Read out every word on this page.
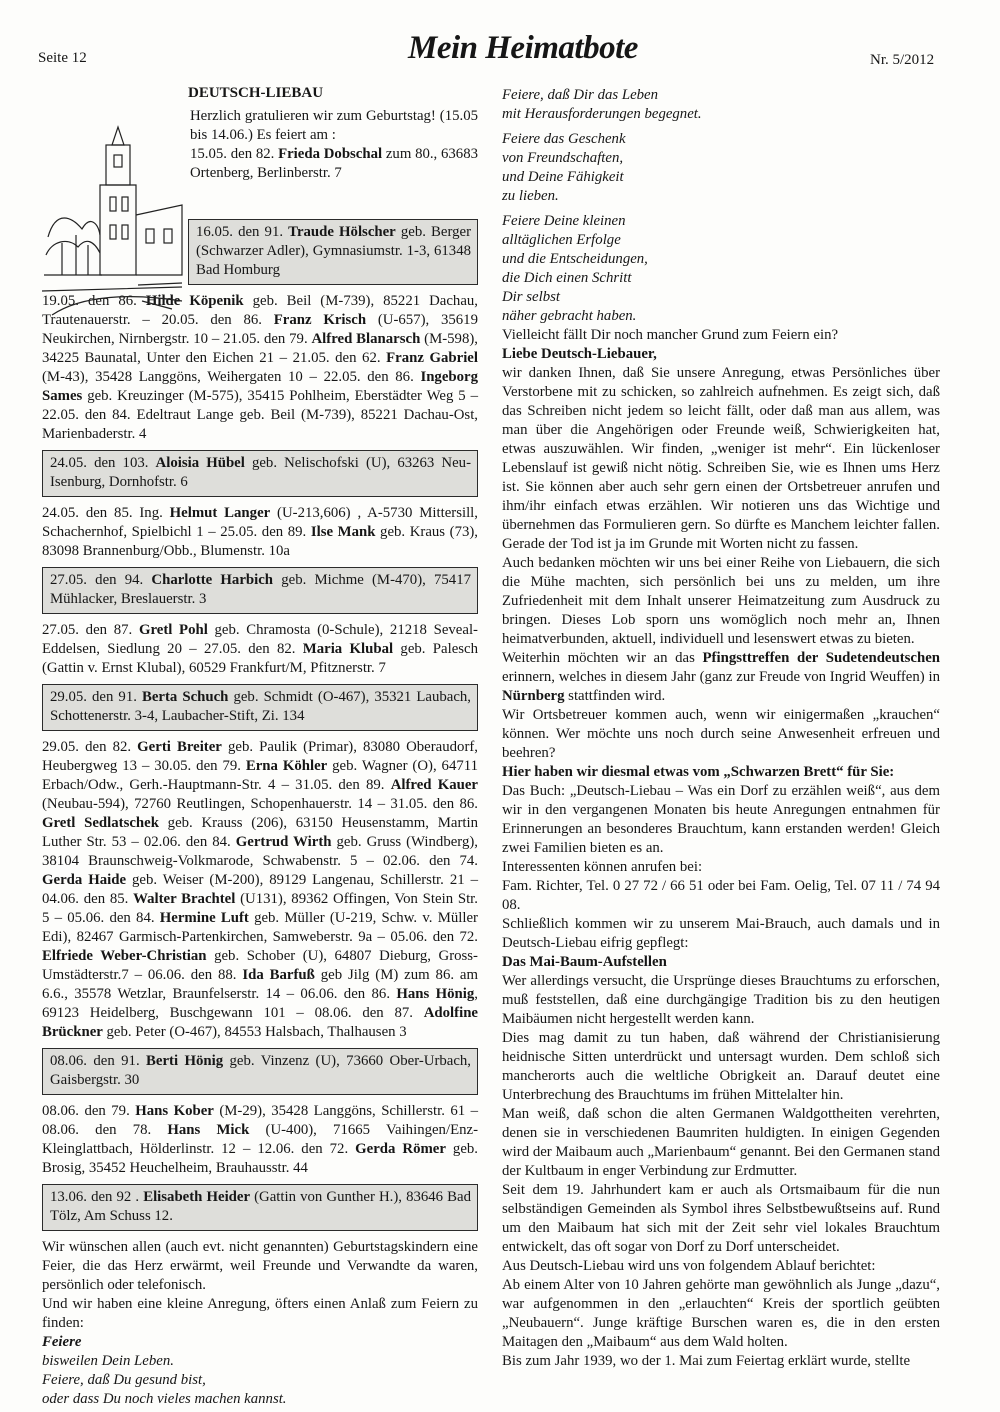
Seite 12	Mein Heimatbote	Nr. 5/2012
DEUTSCH-LIEBAU
Herzlich gratulieren wir zum Geburtstag! (15.05 bis 14.06.) Es feiert am :
15.05. den 82. Frieda Dobschal zum 80., 63683 Ortenberg, Berlinberstr. 7
16.05. den 91. Traude Hölscher geb. Berger (Schwarzer Adler), Gymnasiumstr. 1-3, 61348 Bad Homburg

19.05. den 86. Hilde Köpenik geb. Beil (M-739), 85221 Dachau, Trautenauerstr. – 20.05. den 86. Franz Krisch (U-657), 35619 Neukirchen, Nirnbergstr. 10 – 21.05. den 79. Alfred Blanarsch (M-598), 34225 Baunatal, Unter den Eichen 21 – 21.05. den 62. Franz Gabriel (M-43), 35428 Langgöns, Weihergaten 10 – 22.05. den 86. Ingeborg Sames geb. Kreuzinger (M-575), 35415 Pohlheim, Eberstädter Weg 5 – 22.05. den 84. Edeltraut Lange geb. Beil (M-739), 85221 Dachau-Ost, Marienbaderstr. 4

24.05. den 103. Aloisia Hübel geb. Nelischofski (U), 63263 Neu-Isenburg, Dornhofstr. 6

24.05. den 85. Ing. Helmut Langer (U-213,606) , A-5730 Mittersill, Schachernhof, Spielbichl 1 – 25.05. den 89. Ilse Mank geb. Kraus (73), 83098 Brannenburg/Obb., Blumenstr. 10a

27.05. den 94. Charlotte Harbich geb. Michme (M-470), 75417 Mühlacker, Breslauerstr. 3

27.05. den 87. Gretl Pohl geb. Chramosta (0-Schule), 21218 Seveal-Eddelsen, Siedlung 20 – 27.05. den 82. Maria Klubal geb. Palesch (Gattin v. Ernst Klubal), 60529 Frankfurt/M, Pfitznerstr. 7

29.05. den 91. Berta Schuch geb. Schmidt (O-467), 35321 Laubach, Schottenerstr. 3-4, Laubacher-Stift, Zi. 134

29.05. den 82. Gerti Breiter geb. Paulik (Primar), 83080 Oberaudorf, Heubergweg 13 – 30.05. den 79. Erna Köhler geb. Wagner (O), 64711 Erbach/Odw., Gerh.-Hauptmann-Str. 4 – 31.05. den 89. Alfred Kauer (Neubau-594), 72760 Reutlingen, Schopenhauerstr. 14 – 31.05. den 86. Gretl Sedlatschek geb. Krauss (206), 63150 Heusenstamm, Martin Luther Str. 53 – 02.06. den 84. Gertrud Wirth geb. Gruss (Windberg), 38104 Braunschweig-Volkmarode, Schwabenstr. 5 – 02.06. den 74. Gerda Haide geb. Weiser (M-200), 89129 Langenau, Schillerstr. 21 – 04.06. den 85. Walter Brachtel (U131), 89362 Offingen, Von Stein Str. 5 – 05.06. den 84. Hermine Luft geb. Müller (U-219, Schw. v. Müller Edi), 82467 Garmisch-Partenkirchen, Samweberstr. 9a – 05.06. den 72. Elfriede Weber-Christian geb. Schober (U), 64807 Dieburg, Gross-Umstädterstr.7 – 06.06. den 88. Ida Barfuß geb Jilg (M) zum 86. am 6.6., 35578 Wetzlar, Braunfelserstr. 14 – 06.06. den 86. Hans Hönig, 69123 Heidelberg, Buschgewann 101 – 08.06. den 87. Adolfine Brückner geb. Peter (O-467), 84553 Halsbach, Thalhausen 3

08.06. den 91. Berti Hönig geb. Vinzenz (U), 73660 Ober-Urbach, Gaisbergstr. 30

08.06. den 79. Hans Kober (M-29), 35428 Langgöns, Schillerstr. 61 – 08.06. den 78. Hans Mick (U-400), 71665 Vaihingen/Enz-Kleinglattbach, Hölderlinstr. 12 – 12.06. den 72. Gerda Römer geb. Brosig, 35452 Heuchelheim, Brauhausstr. 44

13.06. den 92 . Elisabeth Heider (Gattin von Gunther H.), 83646 Bad Tölz, Am Schuss 12.

Wir wünschen allen (auch evt. nicht genannten) Geburtstagskindern eine Feier, die das Herz erwärmt, weil Freunde und Verwandte da waren, persönlich oder telefonisch.

Und wir haben eine kleine Anregung, öfters einen Anlaß zum Feiern zu finden:

Feiere

bisweilen Dein Leben.

Feiere, daß Du gesund bist,

oder dass Du noch vieles machen kannst.

Feiere, daß Dir das Leben

mit Herausforderungen begegnet.

Feiere das Geschenk

von Freundschaften,

und Deine Fähigkeit

zu lieben.

Feiere Deine kleinen

alltäglichen Erfolge

und die Entscheidungen,

die Dich einen Schritt

Dir selbst

näher gebracht haben.

Vielleicht fällt Dir noch mancher Grund zum Feiern ein?

Liebe Deutsch-Liebauer,

wir danken Ihnen, daß Sie unsere Anregung, etwas Persönliches über Verstorbene mit zu schicken, so zahlreich aufnehmen. Es zeigt sich, daß das Schreiben nicht jedem so leicht fällt, oder daß man aus allem, was man über die Angehörigen oder Freunde weiß, Schwierigkeiten hat, etwas auszuwählen. Wir finden, „weniger ist mehr“. Ein lückenloser Lebenslauf ist gewiß nicht nötig. Schreiben Sie, wie es Ihnen ums Herz ist. Sie können aber auch sehr gern einen der Ortsbetreuer anrufen und ihm/ihr einfach etwas erzählen. Wir notieren uns das Wichtige und übernehmen das Formulieren gern. So dürfte es Manchem leichter fallen. Gerade der Tod ist ja im Grunde mit Worten nicht zu fassen.

Auch bedanken möchten wir uns bei einer Reihe von Liebauern, die sich die Mühe machten, sich persönlich bei uns zu melden, um ihre Zufriedenheit mit dem Inhalt unserer Heimatzeitung zum Ausdruck zu bringen. Dieses Lob sporn uns womöglich noch mehr an, Ihnen heimatverbunden, aktuell, individuell und lesenswert etwas zu bieten.

Weiterhin möchten wir an das Pfingsttreffen der Sudetendeutschen erinnern, welches in diesem Jahr (ganz zur Freude von Ingrid Weuffen) in Nürnberg stattfinden wird.

Wir Ortsbetreuer kommen auch, wenn wir einigermaßen „krauchen“ können. Wer möchte uns noch durch seine Anwesenheit erfreuen und beehren?

Hier haben wir diesmal etwas vom „Schwarzen Brett“ für Sie:

Das Buch: „Deutsch-Liebau – Was ein Dorf zu erzählen weiß“, aus dem wir in den vergangenen Monaten bis heute Anregungen entnahmen für Erinnerungen an besonderes Brauchtum, kann erstanden werden! Gleich zwei Familien bieten es an.

Interessenten können anrufen bei:

Fam. Richter, Tel. 0 27 72 / 66 51 oder bei Fam. Oelig, Tel. 07 11 / 74 94 08.

Schließlich kommen wir zu unserem Mai-Brauch, auch damals und in Deutsch-Liebau eifrig gepflegt:

Das Mai-Baum-Aufstellen

Wer allerdings versucht, die Ursprünge dieses Brauchtums zu erforschen, muß feststellen, daß eine durchgängige Tradition bis zu den heutigen Maibäumen nicht hergestellt werden kann.

Dies mag damit zu tun haben, daß während der Christianisierung heidnische Sitten unterdrückt und untersagt wurden. Dem schloß sich mancherorts auch die weltliche Obrigkeit an. Darauf deutet eine Unterbrechung des Brauchtums im frühen Mittelalter hin.

Man weiß, daß schon die alten Germanen Waldgottheiten verehrten, denen sie in verschiedenen Baumriten huldigten. In einigen Gegenden wird der Maibaum auch „Marienbaum“ genannt. Bei den Germanen stand der Kultbaum in enger Verbindung zur Erdmutter.

Seit dem 19. Jahrhundert kam er auch als Ortsmaibaum für die nun selbständigen Gemeinden als Symbol ihres Selbstbewußtseins auf. Rund um den Maibaum hat sich mit der Zeit sehr viel lokales Brauchtum entwickelt, das oft sogar von Dorf zu Dorf unterscheidet.

Aus Deutsch-Liebau wird uns von folgendem Ablauf berichtet:

Ab einem Alter von 10 Jahren gehörte man gewöhnlich als Junge „dazu“, war aufgenommen in den „erlauchten“ Kreis der sportlich geübten „Neubauern“. Junge kräftige Burschen waren es, die in den ersten Maitagen den „Maibaum“ aus dem Wald holten.

Bis zum Jahr 1939, wo der 1. Mai zum Feiertag erklärt wurde, stellte
